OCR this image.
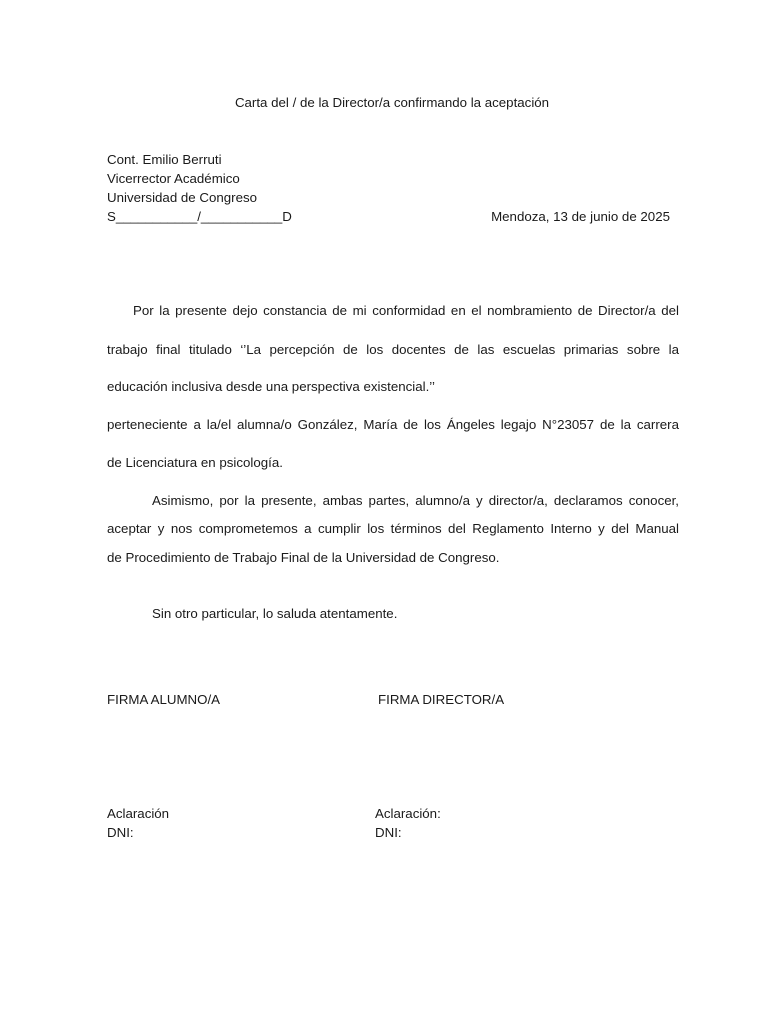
Carta del / de la Director/a confirmando la aceptación
Cont. Emilio Berruti
Vicerrector Académico
Universidad de Congreso
S___________/___________D	Mendoza, 13 de junio de 2025
Por la presente dejo constancia de mi conformidad en el nombramiento de Director/a del
trabajo final titulado ‘’La percepción de los docentes de las escuelas primarias sobre la
educación inclusiva desde una perspectiva existencial.’’
perteneciente a la/el alumna/o González, María de los Ángeles legajo N°23057 de la carrera
de Licenciatura en psicología.
Asimismo, por la presente, ambas partes, alumno/a y director/a, declaramos conocer,
aceptar y nos comprometemos a cumplir los términos del Reglamento Interno y del Manual
de Procedimiento de Trabajo Final de la Universidad de Congreso.
Sin otro particular, lo saluda atentamente.
FIRMA ALUMNO/A	FIRMA DIRECTOR/A
Aclaración
DNI:
Aclaración:
DNI:
